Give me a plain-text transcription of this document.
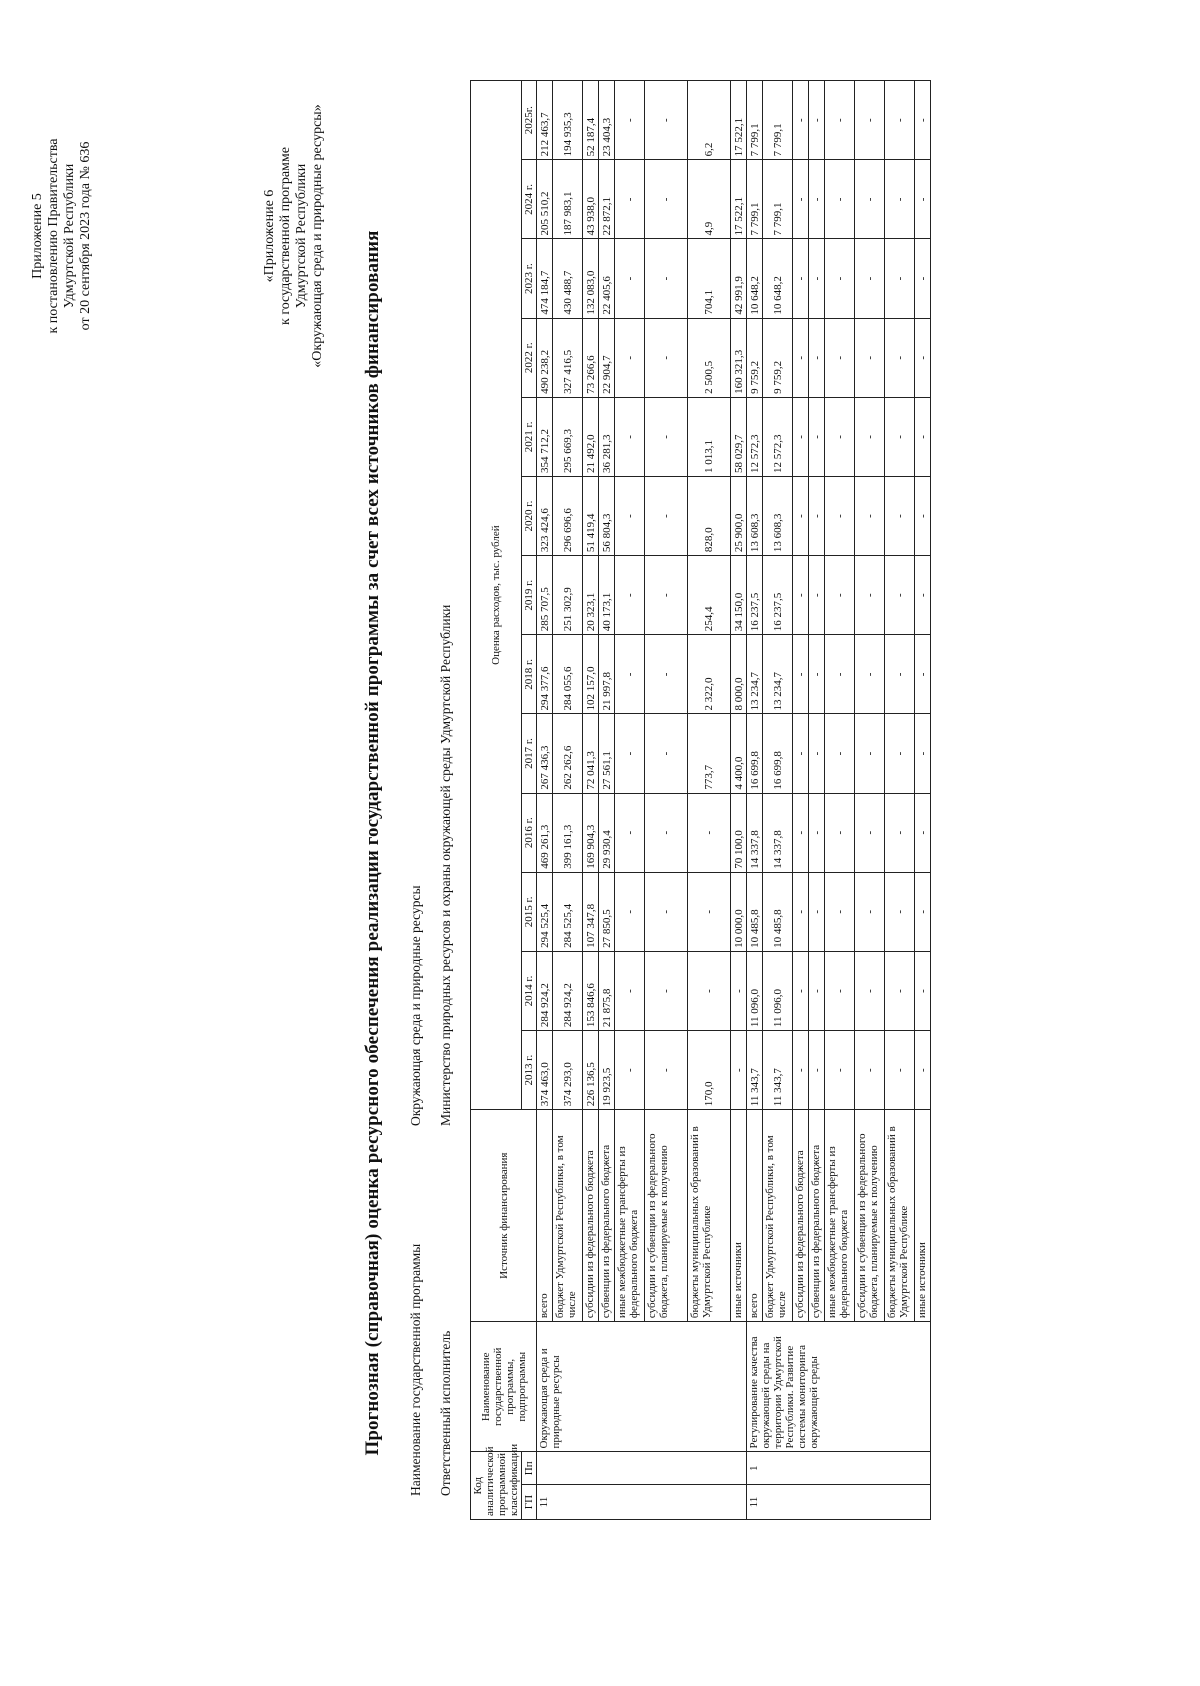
Приложение 5 к постановлению Правительства Удмуртской Республики от 20 сентября 2023 года № 636	«Приложение 6 к государственной программе Удмуртской Республики «Окружающая среда и природные ресурсы» Прогнозная (справочная) оценка ресурсного обеспечения реализации государственной программы за счет всех источников финансирования Наименование государственной программы
Окружающая среда и природные ресурсы
Ответственный исполнитель
Министерство природных ресурсов и охраны окружающей среды Удмуртской Республики
Код аналитической программной классификации		Наименование государственной программы, подпрограммы	Источник финансирования	Оценка расходов, тыс. рублей												
ГП	Пп			2013 г.	2014 г.	2015 г.	2016 г.	2017 г.	2018 г.	2019 г.	2020 г.	2021 г.	2022 г.	2023 г.	2024 г.	2025г.
11		Окружающая среда и природные ресурсы	всего	374 463,0	284 924,2	294 525,4	469 261,3	267 436,3	294 377,6	285 707,5	323 424,6	354 712,2	490 238,2	474 184,7	205 510,2	212 463,7
			бюджет Удмуртской Республики, в том числе	374 293,0	284 924,2	284 525,4	399 161,3	262 262,6	284 055,6	251 302,9	296 696,6	295 669,3	327 416,5	430 488,7	187 983,1	194 935,3
			субсидии из федерального бюджета	226 136,5	153 846,6	107 347,8	169 904,3	72 041,3	102 157,0	20 323,1	51 419,4	21 492,0	73 266,6	132 083,0	43 938,0	52 187,4
			субвенции из федерального бюджета	19 923,5	21 875,8	27 850,5	29 930,4	27 561,1	21 997,8	40 173,1	56 804,3	36 281,3	22 904,7	22 405,6	22 872,1	23 404,3
			иные межбюджетные трансферты из федерального бюджета	-	-	-	-	-	-	-	-	-	-	-	-	-
			субсидии и субвенции из федерального бюджета, планируемые к получению	-	-	-	-	-	-	-	-	-	-	-	-	-
			бюджеты муниципальных образований в Удмуртской Республике	170,0	-	-	-	773,7	2 322,0	254,4	828,0	1 013,1	2 500,5	704,1	4,9	6,2
			иные источники	-	-	10 000,0	70 100,0	4 400,0	8 000,0	34 150,0	25 900,0	58 029,7	160 321,3	42 991,9	17 522,1	17 522,1
11	1	Регулирование качества окружающей среды на территории Удмуртской Республики. Развитие системы мониторинга окружающей среды	всего	11 343,7	11 096,0	10 485,8	14 337,8	16 699,8	13 234,7	16 237,5	13 608,3	12 572,3	9 759,2	10 648,2	7 799,1	7 799,1
			бюджет Удмуртской Республики, в том числе	11 343,7	11 096,0	10 485,8	14 337,8	16 699,8	13 234,7	16 237,5	13 608,3	12 572,3	9 759,2	10 648,2	7 799,1	7 799,1
			субсидии из федерального бюджета	-	-	-	-	-	-	-	-	-	-	-	-	-
			субвенции из федерального бюджета	-	-	-	-	-	-	-	-	-	-	-	-	-
			иные межбюджетные трансферты из федерального бюджета	-	-	-	-	-	-	-	-	-	-	-	-	-
			субсидии и субвенции из федерального бюджета, планируемые к получению	-	-	-	-	-	-	-	-	-	-	-	-	-
			бюджеты муниципальных образований в Удмуртской Республике	-	-	-	-	-	-	-	-	-	-	-	-	-
			иные источники	-	-	-	-	-	-	-	-	-	-	-	-	-
